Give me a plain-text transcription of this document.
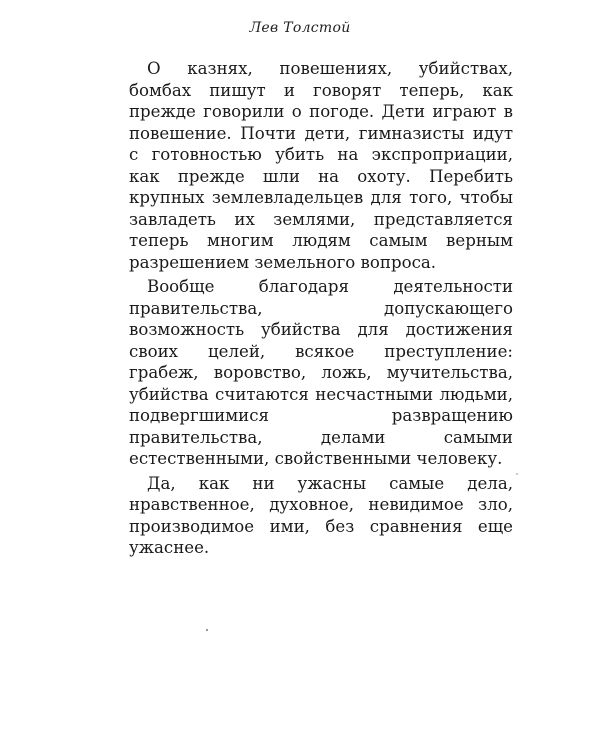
Лев Толстой

О казнях, повешениях, убийствах, бомбах пишут и говорят теперь, как прежде говорили о погоде. Дети играют в повешение. Почти дети, гимназисты идут с готовностью убить на экспроприации, как прежде шли на охоту. Перебить крупных землевладельцев для того, чтобы завладеть их землями, представляется теперь многим людям самым верным разрешением земельного вопроса.

Вообще благодаря деятельности правительства, допускающего возможность убийства для достижения своих целей, всякое преступление: грабеж, воровство, ложь, мучительства, убийства считаются несчастными людьми, подвергшимися развращению правительства, делами самыми естественными, свойственными человеку.

Да, как ни ужасны самые дела, нравственное, духовное, невидимое зло, производимое ими, без сравнения еще ужаснее.
